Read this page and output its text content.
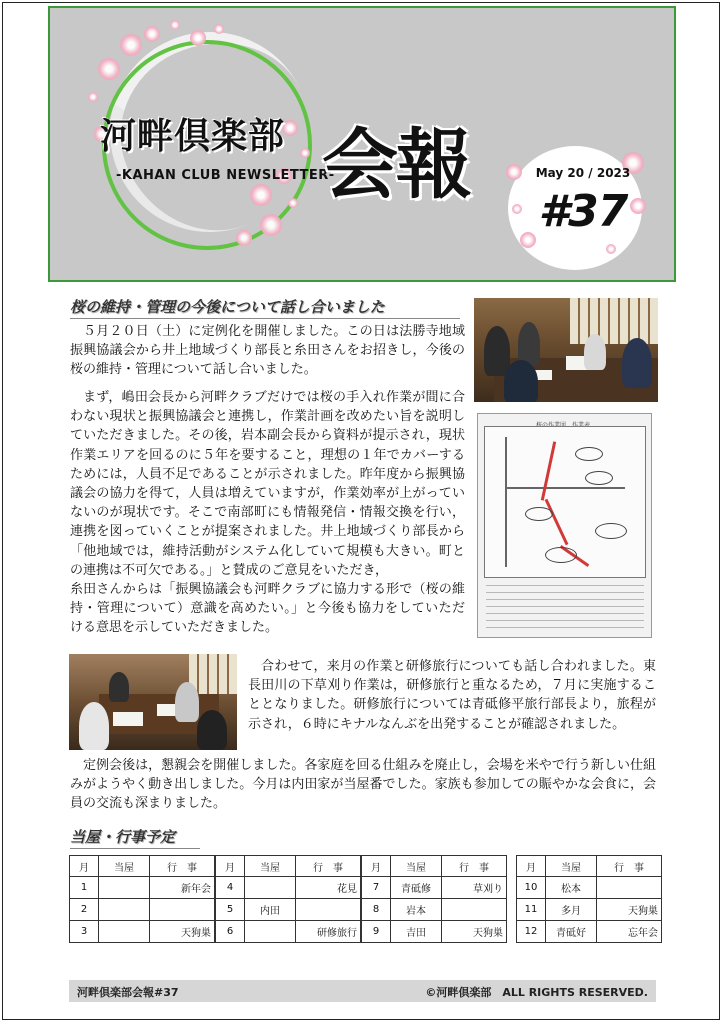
河畔倶楽部
-KAHAN CLUB NEWSLETTER-
会報	May 20 / 2023
#37
桜の維持・管理の今後について話し合いました

５月２０日（土）に定例化を開催しました。この日は法勝寺地域振興協議会から井上地域づくり部長と糸田さんをお招きし，今後の桜の維持・管理について話し合いました。

まず，嶋田会長から河畔クラブだけでは桜の手入れ作業が間に合わない現状と振興協議会と連携し，作業計画を改めたい旨を説明していただきました。その後，岩本副会長から資料が提示され，現状作業エリアを回るのに５年を要すること，理想の１年でカバーするためには，人員不足であることが示されました。昨年度から振興協議会の協力を得て，人員は増えていますが，作業効率が上がっていないのが現状です。そこで南部町にも情報発信・情報交換を行い，連携を図っていくことが提案されました。井上地域づくり部長から「他地域では，維持活動がシステム化していて規模も大きい。町との連携は不可欠である。」と賛成のご意見をいただき，

糸田さんからは「振興協議会も河畔クラブに協力する形で（桜の維持・管理について）意識を高めたい。」と今後も協力をしていただける意思を示していただきました。

合わせて，来月の作業と研修旅行についても話し合われました。東長田川の下草刈り作業は，研修旅行と重なるため，７月に実施することとなりました。研修旅行については青砥修平旅行部長より，旅程が示され，６時にキナルなんぶを出発することが確認されました。

定例会後は，懇親会を開催しました。各家庭を回る仕組みを廃止し，会場を米やで行う新しい仕組みがようやく動き出しました。今月は内田家が当屋番でした。家族も参加しての賑やかな会食に，会員の交流も深まりました。

当屋・行事予定
月	当屋	行　事
1		新年会
2		
3		天狗巣
月	当屋	行　事
4		花見
5	内田	
6		研修旅行
月	当屋	行　事
7	青砥修	草刈り
8	岩本	
9	吉田	天狗巣
月	当屋	行　事
10	松本	
11	多月	天狗巣
12	青砥好	忘年会
河畔倶楽部会報#37	©河畔倶楽部　ALL RIGHTS RESERVED.
